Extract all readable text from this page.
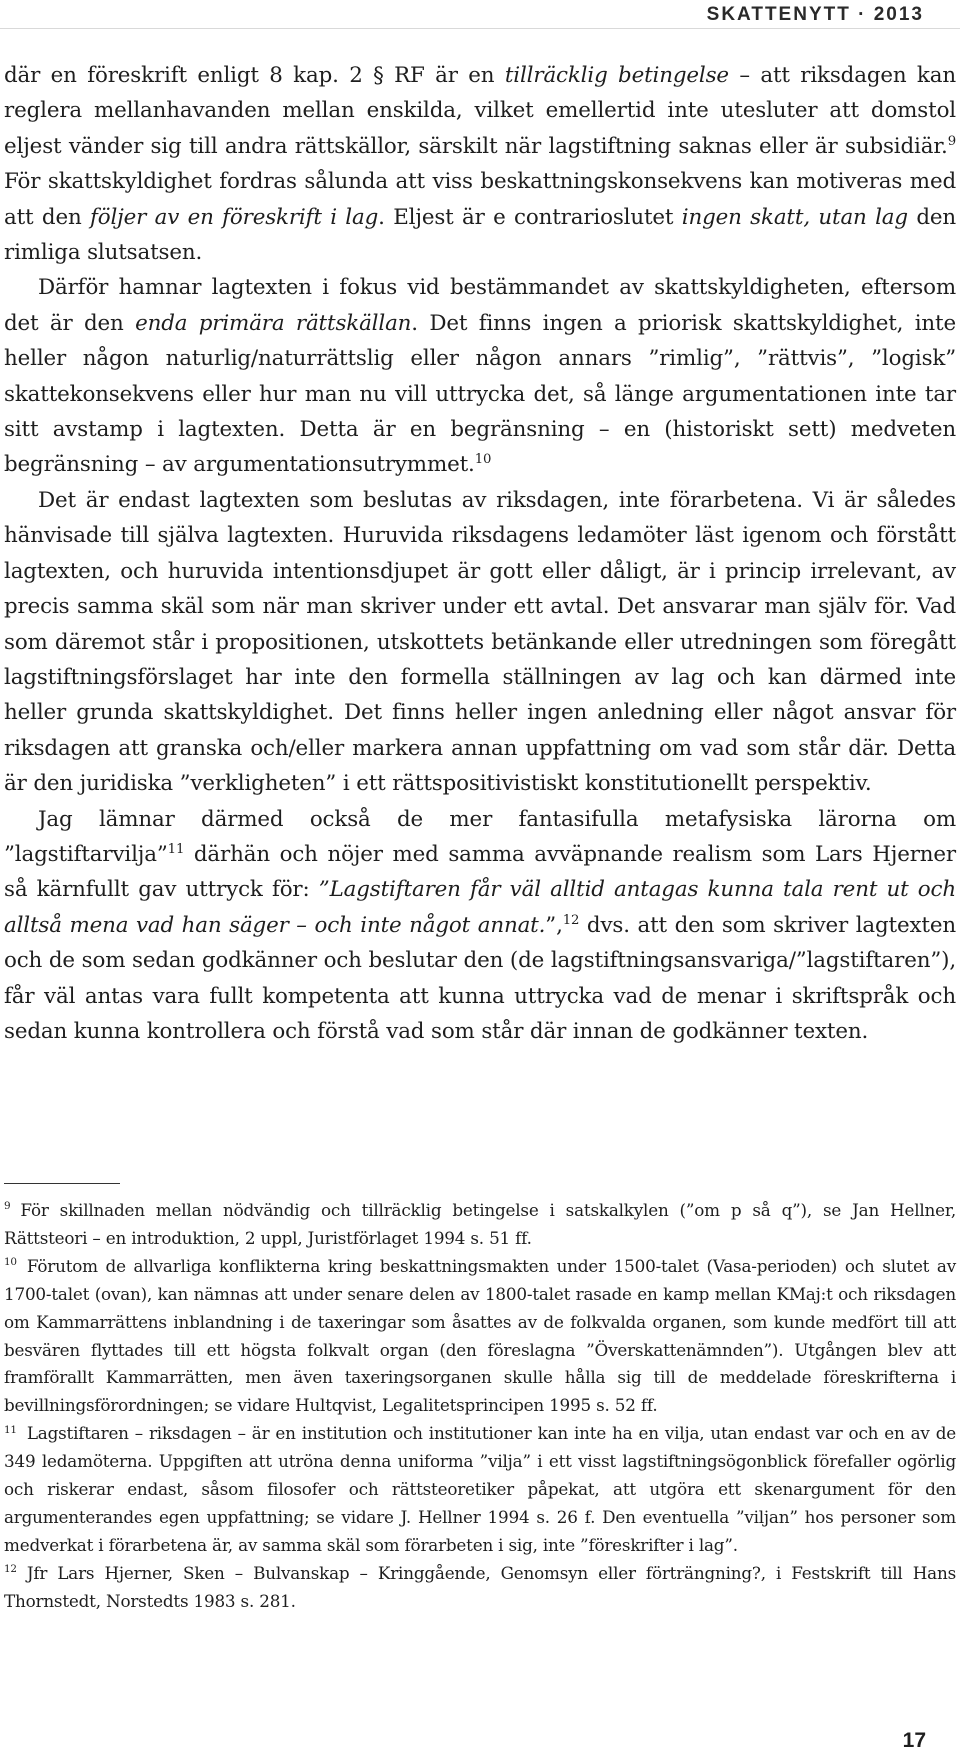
SKATTENYTT · 2013

där en föreskrift enligt 8 kap. 2 § RF är en tillräcklig betingelse – att riksdagen kan reglera mellanhavanden mellan enskilda, vilket emellertid inte utesluter att domstol eljest vänder sig till andra rättskällor, särskilt när lagstiftning saknas eller är subsidiär.$^9$ För skattskyldighet fordras sålunda att viss beskattningskonsekvens kan motiveras med att den följer av en föreskrift i lag. Eljest är e contrarioslutet ingen skatt, utan lag den rimliga slutsatsen.

Därför hamnar lagtexten i fokus vid bestämmandet av skattskyldigheten, eftersom det är den enda primära rättskällan. Det finns ingen a priorisk skattskyldighet, inte heller någon naturlig/naturrättslig eller någon annars ”rimlig”, ”rättvis”, ”logisk” skattekonsekvens eller hur man nu vill uttrycka det, så länge argumentationen inte tar sitt avstamp i lagtexten. Detta är en begränsning – en (historiskt sett) medveten begränsning – av argumentationsutrymmet.$^{10}$

Det är endast lagtexten som beslutas av riksdagen, inte förarbetena. Vi är således hänvisade till själva lagtexten. Huruvida riksdagens ledamöter läst igenom och förstått lagtexten, och huruvida intentionsdjupet är gott eller dåligt, är i princip irrelevant, av precis samma skäl som när man skriver under ett avtal. Det ansvarar man själv för. Vad som däremot står i propositionen, utskottets betänkande eller utredningen som föregått lagstiftningsförslaget har inte den formella ställningen av lag och kan därmed inte heller grunda skattskyldighet. Det finns heller ingen anledning eller något ansvar för riksdagen att granska och/eller markera annan uppfattning om vad som står där. Detta är den juridiska ”verkligheten” i ett rättspositivistiskt konstitutionellt perspektiv.

Jag lämnar därmed också de mer fantasifulla metafysiska lärorna om ”lagstiftarvilja”$^{11}$ därhän och nöjer med samma avväpnande realism som Lars Hjerner så kärnfullt gav uttryck för: ”Lagstiftaren får väl alltid antagas kunna tala rent ut och alltså mena vad han säger – och inte något annat.”,$^{12}$ dvs. att den som skriver lagtexten och de som sedan godkänner och beslutar den (de lagstiftningsansvariga/”lagstiftaren”), får väl antas vara fullt kompetenta att kunna uttrycka vad de menar i skriftspråk och sedan kunna kontrollera och förstå vad som står där innan de godkänner texten.

$^9$ För skillnaden mellan nödvändig och tillräcklig betingelse i satskalkylen (”om p så q”), se Jan Hellner, Rättsteori – en introduktion, 2 uppl, Juristförlaget 1994 s. 51 ff.

$^{10}$ Förutom de allvarliga konflikterna kring beskattningsmakten under 1500-talet (Vasa-perioden) och slutet av 1700-talet (ovan), kan nämnas att under senare delen av 1800-talet rasade en kamp mellan KMaj:t och riksdagen om Kammarrättens inblandning i de taxeringar som åsattes av de folkvalda organen, som kunde medfört till att besvären flyttades till ett högsta folkvalt organ (den föreslagna ”Överskattenämnden”). Utgången blev att framförallt Kammarrätten, men även taxeringsorganen skulle hålla sig till de meddelade föreskrifterna i bevillningsförordningen; se vidare Hultqvist, Legalitetsprincipen 1995 s. 52 ff.

$^{11}$ Lagstiftaren – riksdagen – är en institution och institutioner kan inte ha en vilja, utan endast var och en av de 349 ledamöterna. Uppgiften att utröna denna uniforma ”vilja” i ett visst lagstiftningsögonblick förefaller ogörlig och riskerar endast, såsom filosofer och rättsteoretiker påpekat, att utgöra ett skenargument för den argumenterandes egen uppfattning; se vidare J. Hellner 1994 s. 26 f. Den eventuella ”viljan” hos personer som medverkat i förarbetena är, av samma skäl som förarbeten i sig, inte ”föreskrifter i lag”.

$^{12}$ Jfr Lars Hjerner, Sken – Bulvanskap – Kringgående, Genomsyn eller förträngning?, i Festskrift till Hans Thornstedt, Norstedts 1983 s. 281.

17
